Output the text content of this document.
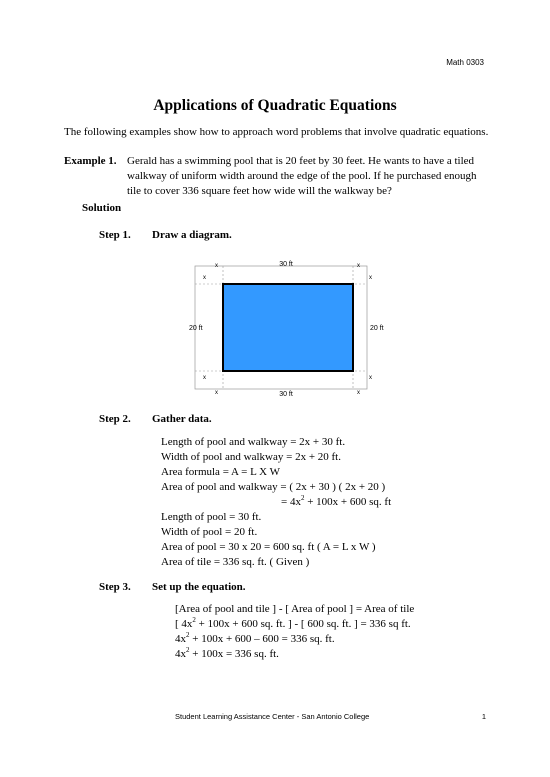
Math 0303
Applications of Quadratic Equations
The following examples show how to approach word problems that involve quadratic equations.
Example 1. Gerald has a swimming pool that is 20 feet by 30 feet. He wants to have a tiled
walkway of uniform width around the edge of the pool. If he purchased enough
tile to cover 336 square feet how wide will the walkway be?
Solution
Step 1. Draw a diagram.
30 ft
30 ft
20 ft	20 ft
x	x
x	x
x	x
x	x
Step 2. Gather data.
Length of pool and walkway = 2x + 30 ft.
Width of pool and walkway = 2x + 20 ft.
Area formula = A = L X W
Area of pool and walkway = ( 2x + 30 ) ( 2x + 20 )
= $4x^2 + 100x + 600$ sq. ft
Length of pool = 30 ft.
Width of pool = 20 ft.
Area of pool = 30 x 20 = 600 sq. ft ( A = L x W )
Area of tile = 336 sq. ft. ( Given )
Step 3. Set up the equation.
[Area of pool and tile ] - [ Area of pool ] = Area of tile
[ $4x^2 + 100x + 600$ sq. ft. ] - [ 600 sq. ft. ] = 336 sq ft.
$4x^2 + 100x + 600 - 600 = 336$ sq. ft.
$4x^2 + 100x = 336$ sq. ft.
Student Learning Assistance Center - San Antonio College	1
